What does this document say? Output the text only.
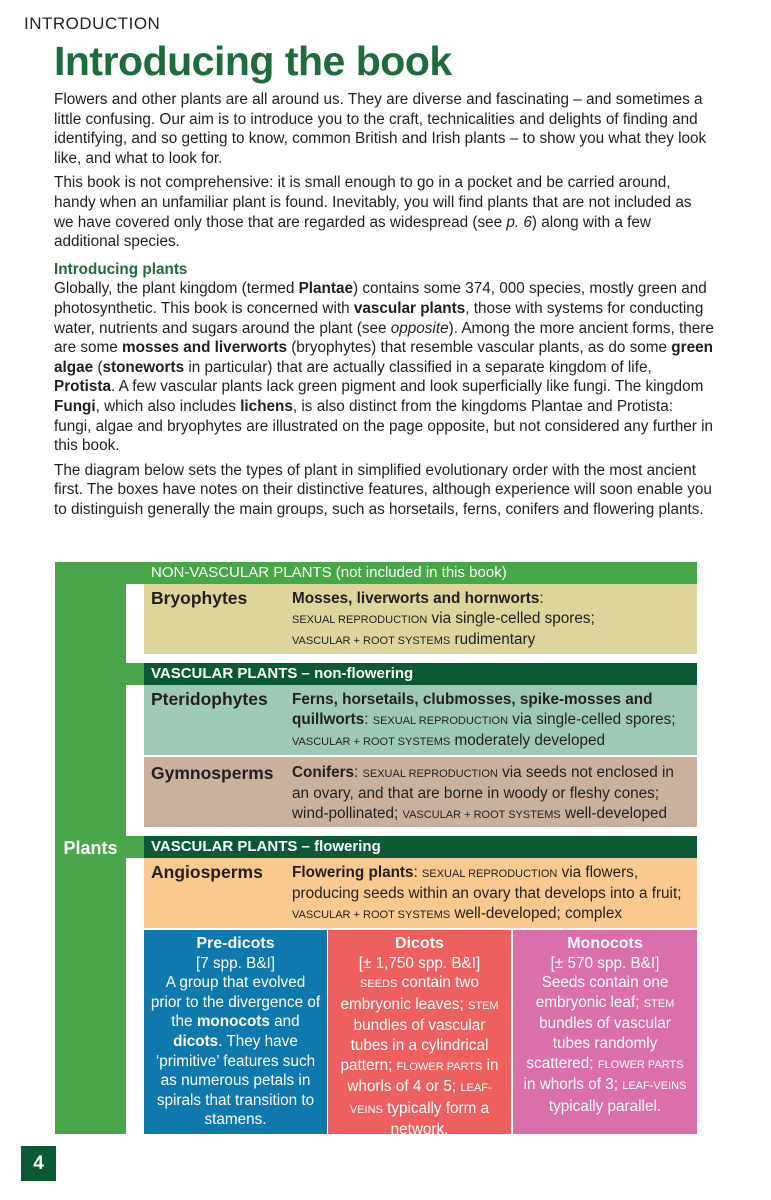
INTRODUCTION
Introducing the book

Flowers and other plants are all around us. They are diverse and fascinating – and sometimes a little confusing. Our aim is to introduce you to the craft, technicalities and delights of finding and identifying, and so getting to know, common British and Irish plants – to show you what they look like, and what to look for.

This book is not comprehensive: it is small enough to go in a pocket and be carried around, handy when an unfamiliar plant is found. Inevitably, you will find plants that are not included as we have covered only those that are regarded as widespread (see p. 6) along with a few additional species.

Introducing plants

Globally, the plant kingdom (termed Plantae) contains some 374, 000 species, mostly green and photosynthetic. This book is concerned with vascular plants, those with systems for conducting water, nutrients and sugars around the plant (see opposite). Among the more ancient forms, there are some mosses and liverworts (bryophytes) that resemble vascular plants, as do some green algae (stoneworts in particular) that are actually classified in a separate kingdom of life, Protista. A few vascular plants lack green pigment and look superficially like fungi. The kingdom Fungi, which also includes lichens, is also distinct from the kingdoms Plantae and Protista: fungi, algae and bryophytes are illustrated on the page opposite, but not considered any further in this book.

The diagram below sets the types of plant in simplified evolutionary order with the most ancient first. The boxes have notes on their distinctive features, although experience will soon enable you to distinguish generally the main groups, such as horsetails, ferns, conifers and flowering plants.

Plants
NON-VASCULAR PLANTS (not included in this book)
Bryophytes	Mosses, liverworts and hornworts:
SEXUAL REPRODUCTION via single-celled spores;
VASCULAR + ROOT SYSTEMS rudimentary
VASCULAR PLANTS – non-flowering
Pteridophytes Ferns, horsetails, clubmosses, spike-mosses and quillworts: SEXUAL REPRODUCTION via single-celled spores; VASCULAR + ROOT SYSTEMS moderately developed
Gymnosperms Conifers: SEXUAL REPRODUCTION via seeds not enclosed in an ovary, and that are borne in woody or fleshy cones; wind-pollinated; VASCULAR + ROOT SYSTEMS well-developed
VASCULAR PLANTS – flowering
Angiosperms Flowering plants: SEXUAL REPRODUCTION via flowers, producing seeds within an ovary that develops into a fruit; VASCULAR + ROOT SYSTEMS well-developed; complex
Pre-dicots
[7 spp. B&I]
A group that evolved prior to the divergence of the monocots and dicots. They have ‘primitive’ features such as numerous petals in spirals that transition to stamens.
Dicots
[± 1,750 spp. B&I]
SEEDS contain two embryonic leaves; STEM bundles of vascular tubes in a cylindrical pattern; FLOWER PARTS in whorls of 4 or 5; LEAF-VEINS typically form a network.
Monocots
[± 570 spp. B&I]
Seeds contain one embryonic leaf; STEM bundles of vascular tubes randomly scattered; FLOWER PARTS in whorls of 3; LEAF-VEINS typically parallel.
4
